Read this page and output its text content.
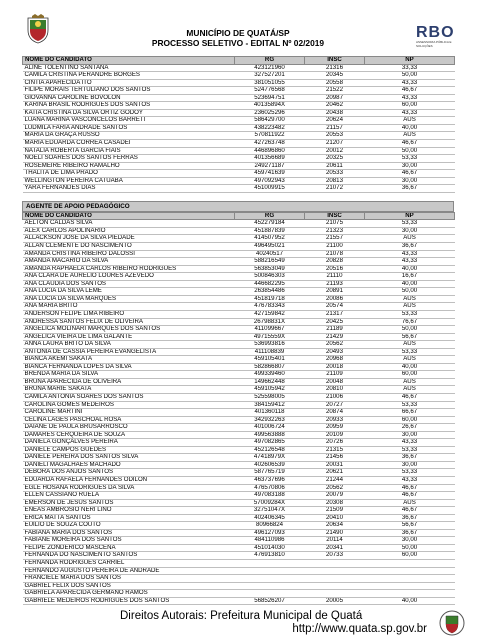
MUNICÍPIO DE QUATÁ/SP
PROCESSO SELETIVO - EDITAL Nº 02/2019
RBO
ASSESSORIA PÚBLICA E SOLUÇÕES
NOME DO CANDIDATO	RG	INSC	NP
ALINE TOLENTINO SANTANA	423121960	21316	33,33
CAMILA CRISTINA PERANDRE BORGES	327527201	20345	50,00
CINTIA APARECIDA ITO	381051055	20558	43,33
FILIPE MORAIS TERTULIANO DOS SANTOS	524776568	21522	46,67
GIOVANNA CAROLINE BOVOLON	523694751	20987	43,33
KARINA BRASIL RODRIGUES DOS SANTOS	40135894X	20462	60,00
KATIA CRISTINA DA SILVA ORTIZ GODOY	236025296	20438	43,33
LUANA MARINA VASCONCELOS BARRETI	586429700	20624	AUS
LUDMILA FARIA ANDRADE SANTOS	438223482	21157	40,00
MARIA DA GRAÇA RUSSO	570811922	20553	AUS
MARIA EDUARDA CORREA CASADEI	427263748	21207	46,67
NATALIA ROBERTA GARCIA FIAIS	446896860	20012	50,00
NOELI SOARES DOS SANTOS FERRAS	401356689	20325	53,33
ROSEMEIRE RIBEIRO RAMALHO	249271187	20611	30,00
THALITA DE LIMA PRADO	459741639	20533	46,67
WELLINGTON PEREIRA CATUABA	497092943	20813	30,00
YARA FERNANDES DIAS	451009915	21072	36,67
AGENTE DE APOIO PEDAGÓGICO
NOME DO CANDIDATO	RG	INSC	NP
AELTON CALDAS SILVA	452279184	21075	53,33
ALEX CARLOS APOLINARIO	451887839	21323	30,00
ALLACKSON JOSÉ DA SILVA PIEDADE	414507952	21557	AUS
ALLAN CLEMENTE DO NASCIMENTO	496495021	21100	36,67
AMANDA CRISTINA RIBEIRO DALOSSI	40240517	21078	43,33
AMANDA MACARIO DA SILVA	588216549	20828	43,33
AMANDA RAPHAELA CARLOS RIBEIRO RODRIGUES	563853049	20516	40,00
ANA CLARA DE AURÉLIO LOURES AZEVEDO	500846303	21110	16,67
ANA CLAUDIA DOS SANTOS	446682295	21193	40,00
ANA LÚCIA DA SILVA LEME	263854486	20891	50,00
ANA LÚCIA DA SILVA MARQUES	451819718	20086	AUS
ANA MARIA BRITO	476783343	20574	AUS
ANDERSON FELIPE LIMA RIBEIRO	427159842	21317	53,33
ANDRESSA SANTOS FELIX DE OLIVEIRA	26798831X	20425	76,67
ANGÉLICA MOLINARI MARQUES DOS SANTOS	411099667	21189	50,00
ANGÉLICA VIEIRA DE LIMA GALANTE	49715559X	21429	56,67
ANNA LAURA BRITO DA SILVA	536993816	20562	AUS
ANTONIA DE CASSIA PEREIRA EVANGELISTA	411108839	20493	53,33
BIANCA AKEMI SAKATA	459105401	20968	AUS
BIANCA FERNANDA LOPES DA SILVA	582866807	20018	40,00
BRENDA MARIA DA SILVA	499339460	21109	60,00
BRUNA APARECIDA DE OLIVEIRA	149662448	20048	AUS
BRUNA MARIE SAKATA	459105942	20810	AUS
CAMILA ANTONIA SOARES DOS SANTOS	525598005	21006	46,67
CAROLINA GOMES MEDEIROS	384159412	20727	53,33
CAROLINE MARTINI	401360118	20874	66,67
CELINA LAGES PASCHOAL ROSA	342932263	20933	60,00
DAIANE DE PAULA BRUSARROSCO	401006724	20959	26,67
DAMARES CERQUEIRA DE SOUZA	499563888	20109	30,00
DANIELA GONÇALVES PEREIRA	497082865	20726	43,33
DANIELE CAMPOS GUEDES	452126548	21315	53,33
DANIELE PEREIRA DOS SANTOS SILVA	47418979X	21456	36,67
DANIELI MAGALHAES MACHADO	402606539	20031	30,00
DEBORA DOS ANJOS SANTOS	587765719	20621	53,33
EDUARDA RAFAELA FERNANDES ODILON	463737696	21244	43,33
EGLE HOSANA RODRIGUES DA SILVA	476570806	20562	46,67
ELLEN CASSIANO RUELA	497083188	20079	46,67
EMERSON DE JESUS SANTOS	57009284X	20308	AUS
ENEAS AMBROSIO NERI LINO	32751047X	21509	46,67
ERICA MATTA SANTOS	402406345	20410	36,67
EUILIO DE SOUZA COUTO	80966824	20634	56,67
FABIANA MARIA DOS SANTOS	496127093	21490	36,67
FABIANE MOREIRA DOS SANTOS	484110986	20114	30,00
FELIPE ZONDERICO MASCENA	451014030	20341	50,00
FERNANDA DO NASCIMENTO SANTOS	476913810	20733	60,00
FERNANDA RODRIGUES CARRIEL			
FERNANDO AUGUSTO PEREIRA DE ANDRADE			
FRANCIELE MARIA DOS SANTOS			
GABRIEL FELIX DOS SANTOS			
GABRIELA APARECIDA GERMANO RAMOS			
GABRIELE MEDEIROS RODRIGUES DOS SANTOS	568526207	20005	40,00
Direitos Autorais: Prefeitura Municipal de Quatá
http://www.quata.sp.gov.br
